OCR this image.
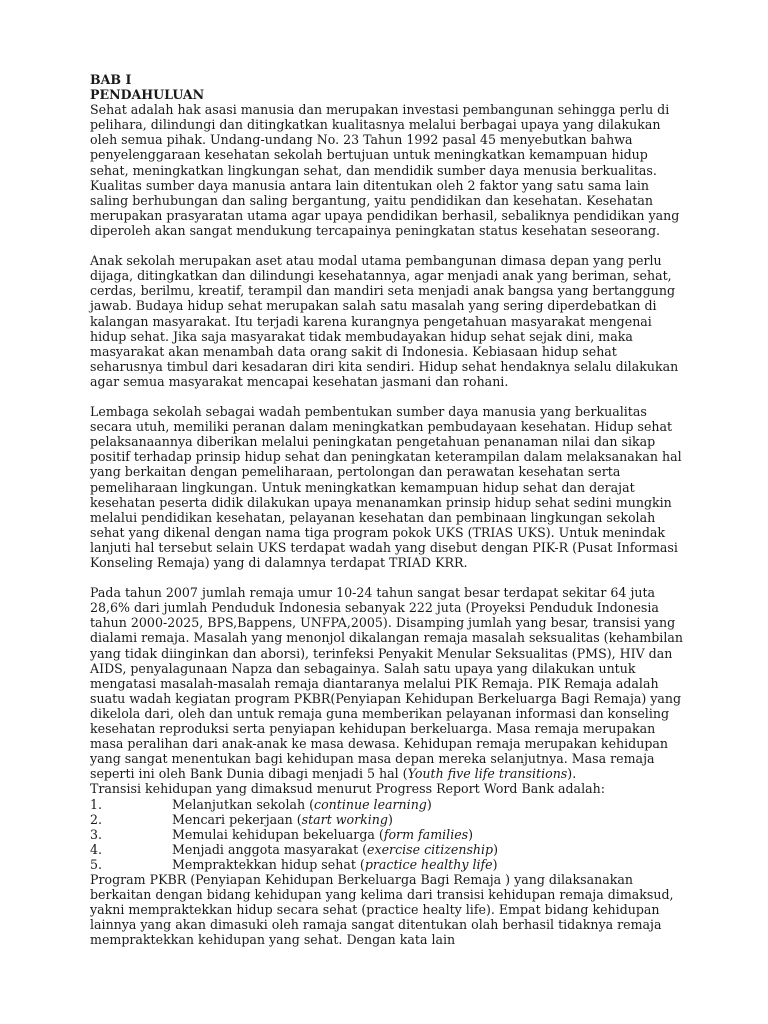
BAB I
PENDAHULUAN

Sehat adalah hak asasi manusia dan merupakan investasi pembangunan sehingga perlu di pelihara, dilindungi dan ditingkatkan kualitasnya melalui berbagai upaya yang dilakukan oleh semua pihak. Undang-undang No. 23 Tahun 1992 pasal 45 menyebutkan bahwa penyelenggaraan kesehatan sekolah bertujuan untuk meningkatkan kemampuan hidup sehat, meningkatkan lingkungan sehat, dan mendidik sumber daya menusia berkualitas. Kualitas sumber daya manusia antara lain ditentukan oleh 2 faktor yang satu sama lain saling berhubungan dan saling bergantung, yaitu pendidikan dan kesehatan. Kesehatan merupakan prasyaratan utama agar upaya pendidikan berhasil, sebaliknya pendidikan yang diperoleh akan sangat mendukung tercapainya peningkatan status kesehatan seseorang.

Anak sekolah merupakan aset atau modal utama pembangunan dimasa depan yang perlu dijaga, ditingkatkan dan dilindungi kesehatannya, agar menjadi anak yang beriman, sehat, cerdas, berilmu, kreatif, terampil dan mandiri seta menjadi anak bangsa yang bertanggung jawab. Budaya hidup sehat merupakan salah satu masalah yang sering diperdebatkan di kalangan masyarakat. Itu terjadi karena kurangnya pengetahuan masyarakat mengenai hidup sehat. Jika saja masyarakat tidak membudayakan hidup sehat sejak dini, maka masyarakat akan menambah data orang sakit di Indonesia. Kebiasaan hidup sehat seharusnya timbul dari kesadaran diri kita sendiri. Hidup sehat hendaknya selalu dilakukan agar semua masyarakat mencapai kesehatan jasmani dan rohani.

Lembaga sekolah sebagai wadah pembentukan sumber daya manusia yang berkualitas secara utuh, memiliki peranan dalam meningkatkan pembudayaan kesehatan. Hidup sehat pelaksanaannya diberikan melalui peningkatan pengetahuan penanaman nilai dan sikap positif terhadap prinsip hidup sehat dan peningkatan keterampilan dalam melaksanakan hal yang berkaitan dengan pemeliharaan, pertolongan dan perawatan kesehatan serta pemeliharaan lingkungan. Untuk meningkatkan kemampuan hidup sehat dan derajat kesehatan peserta didik dilakukan upaya menanamkan prinsip hidup sehat sedini mungkin melalui pendidikan kesehatan, pelayanan kesehatan dan pembinaan lingkungan sekolah sehat yang dikenal dengan nama tiga program pokok UKS (TRIAS UKS). Untuk menindak lanjuti hal tersebut selain UKS terdapat wadah yang disebut dengan PIK-R (Pusat Informasi Konseling Remaja) yang di dalamnya terdapat TRIAD KRR.

Pada tahun 2007 jumlah remaja umur 10-24 tahun sangat besar terdapat sekitar 64 juta 28,6% dari jumlah Penduduk Indonesia sebanyak 222 juta (Proyeksi Penduduk Indonesia tahun 2000-2025, BPS,Bappens, UNFPA,2005). Disamping jumlah yang besar, transisi yang dialami remaja. Masalah yang menonjol dikalangan remaja masalah seksualitas (kehambilan yang tidak diinginkan dan aborsi), terinfeksi Penyakit Menular Seksualitas (PMS), HIV dan AIDS, penyalagunaan Napza dan sebagainya. Salah satu upaya yang dilakukan untuk mengatasi masalah-masalah remaja diantaranya melalui PIK Remaja. PIK Remaja adalah suatu wadah kegiatan program PKBR(Penyiapan Kehidupan Berkeluarga Bagi Remaja) yang dikelola dari, oleh dan untuk remaja guna memberikan pelayanan informasi dan konseling kesehatan reproduksi serta penyiapan kehidupan berkeluarga. Masa remaja merupakan masa peralihan dari anak-anak ke masa dewasa. Kehidupan remaja merupakan kehidupan yang sangat menentukan bagi kehidupan masa depan mereka selanjutnya. Masa remaja seperti ini oleh Bank Dunia dibagi menjadi 5 hal (Youth five life transitions).

Transisi kehidupan yang dimaksud menurut Progress Report Word Bank adalah:

1.	Melanjutkan sekolah (continue learning)
2.	Mencari pekerjaan (start working)
3.	Memulai kehidupan bekeluarga (form families)
4.	Menjadi anggota masyarakat (exercise citizenship)
5.	Mempraktekkan hidup sehat (practice healthy life)

Program PKBR (Penyiapan Kehidupan Berkeluarga Bagi Remaja ) yang dilaksanakan berkaitan dengan bidang kehidupan yang kelima dari transisi kehidupan remaja dimaksud, yakni mempraktekkan hidup secara sehat (practice healty life). Empat bidang kehidupan lainnya yang akan dimasuki oleh ramaja sangat ditentukan olah berhasil tidaknya remaja mempraktekkan kehidupan yang sehat. Dengan kata lain
